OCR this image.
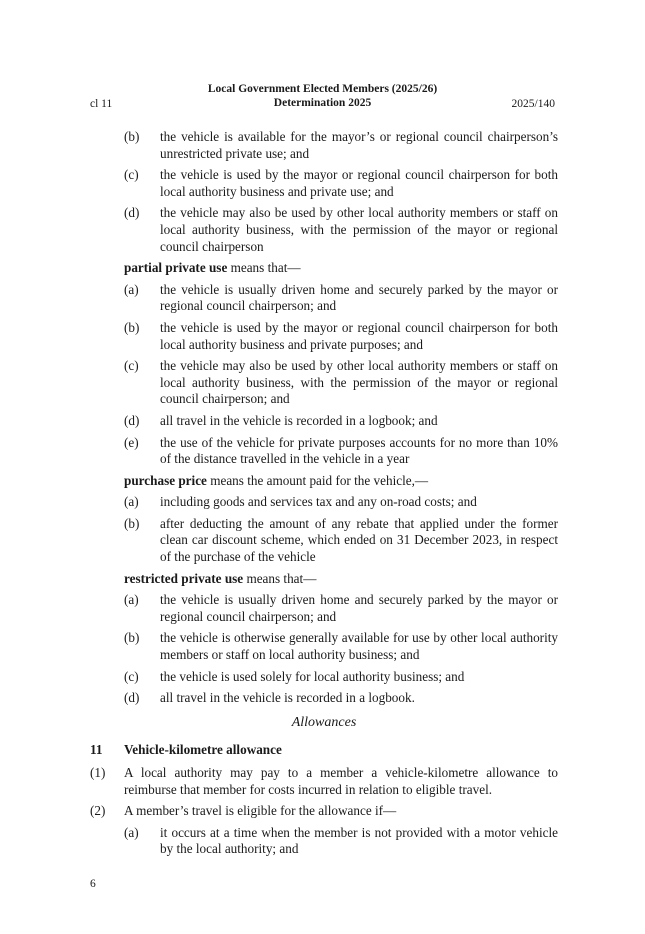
cl 11
Local Government Elected Members (2025/26)
Determination 2025	2025/140
(b)	the vehicle is available for the mayor’s or regional council chairperson’s unrestricted private use; and
(c)	the vehicle is used by the mayor or regional council chairperson for both local authority business and private use; and
(d)	the vehicle may also be used by other local authority members or staff on local authority business, with the permission of the mayor or regional council chairperson
partial private use means that—
(a)	the vehicle is usually driven home and securely parked by the mayor or regional council chairperson; and
(b)	the vehicle is used by the mayor or regional council chairperson for both local authority business and private purposes; and
(c)	the vehicle may also be used by other local authority members or staff on local authority business, with the permission of the mayor or regional council chairperson; and
(d)	all travel in the vehicle is recorded in a logbook; and
(e)	the use of the vehicle for private purposes accounts for no more than 10% of the distance travelled in the vehicle in a year
purchase price means the amount paid for the vehicle,—
(a)	including goods and services tax and any on-road costs; and
(b)	after deducting the amount of any rebate that applied under the former clean car discount scheme, which ended on 31 December 2023, in respect of the purchase of the vehicle
restricted private use means that—
(a)	the vehicle is usually driven home and securely parked by the mayor or regional council chairperson; and
(b)	the vehicle is otherwise generally available for use by other local authority members or staff on local authority business; and
(c)	the vehicle is used solely for local authority business; and
(d)	all travel in the vehicle is recorded in a logbook.
Allowances
11	Vehicle-kilometre allowance
(1)	A local authority may pay to a member a vehicle-kilometre allowance to reimburse that member for costs incurred in relation to eligible travel.
(2)	A member’s travel is eligible for the allowance if—
(a)	it occurs at a time when the member is not provided with a motor vehicle by the local authority; and
6
